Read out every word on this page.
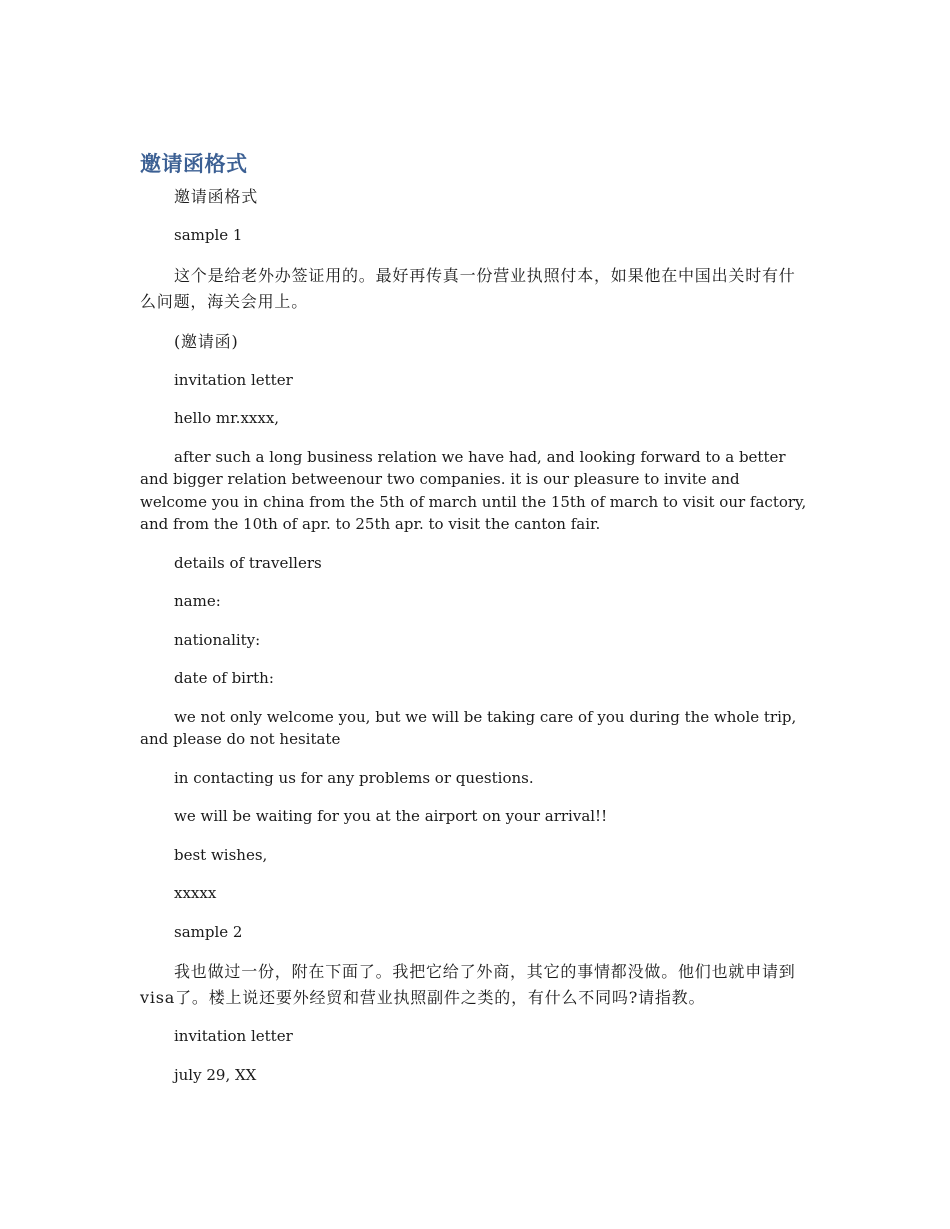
邀请函格式

邀请函格式

sample 1

这个是给老外办签证用的。最好再传真一份营业执照付本，如果他在中国出关时有什么问题，海关会用上。

(邀请函)

invitation letter

hello mr.xxxx,

after such a long business relation we have had, and looking forward to a better and bigger relation betweenour two companies. it is our pleasure to invite and welcome you in china from the 5th of march until the 15th of march to visit our factory, and from the 10th of apr. to 25th apr. to visit the canton fair.

details of travellers

name:

nationality:

date of birth:

we not only welcome you, but we will be taking care of you during the whole trip, and please do not hesitate

in contacting us for any problems or questions.

we will be waiting for you at the airport on your arrival!!

best wishes,

xxxxx

sample 2

我也做过一份，附在下面了。我把它给了外商，其它的事情都没做。他们也就申请到visa了。楼上说还要外经贸和营业执照副件之类的，有什么不同吗?请指教。

invitation letter

july 29, XX
